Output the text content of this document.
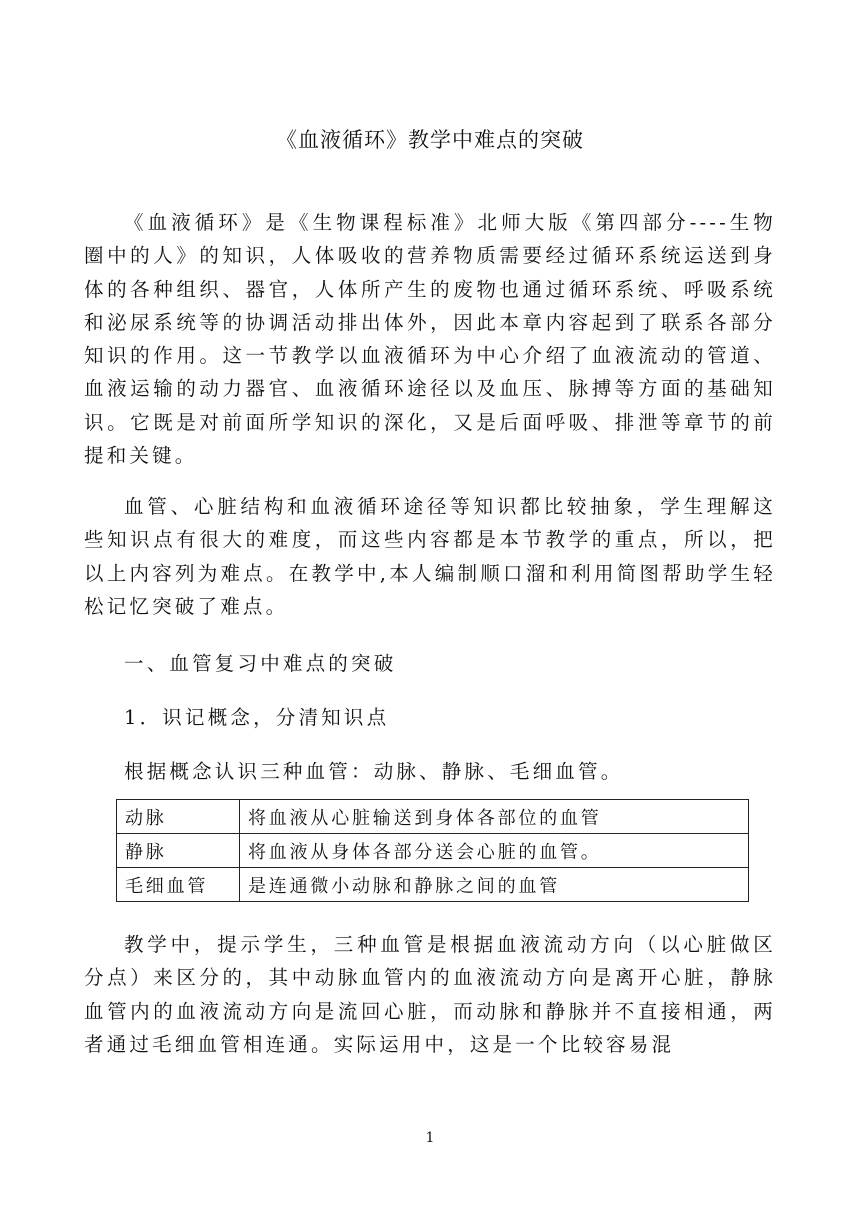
《血液循环》教学中难点的突破

《血液循环》是《生物课程标准》北师大版《第四部分----生物圈中的人》的知识，人体吸收的营养物质需要经过循环系统运送到身体的各种组织、器官，人体所产生的废物也通过循环系统、呼吸系统和泌尿系统等的协调活动排出体外，因此本章内容起到了联系各部分知识的作用。这一节教学以血液循环为中心介绍了血液流动的管道、血液运输的动力器官、血液循环途径以及血压、脉搏等方面的基础知识。它既是对前面所学知识的深化，又是后面呼吸、排泄等章节的前提和关键。

血管、心脏结构和血液循环途径等知识都比较抽象，学生理解这些知识点有很大的难度，而这些内容都是本节教学的重点，所以，把以上内容列为难点。在教学中,本人编制顺口溜和利用简图帮助学生轻松记忆突破了难点。

一、血管复习中难点的突破
1．识记概念，分清知识点
根据概念认识三种血管：动脉、静脉、毛细血管。
动脉	将血液从心脏输送到身体各部位的血管
静脉	将血液从身体各部分送会心脏的血管。
毛细血管	是连通微小动脉和静脉之间的血管

教学中，提示学生，三种血管是根据血液流动方向（以心脏做区分点）来区分的，其中动脉血管内的血液流动方向是离开心脏，静脉血管内的血液流动方向是流回心脏，而动脉和静脉并不直接相通，两者通过毛细血管相连通。实际运用中，这是一个比较容易混

1
